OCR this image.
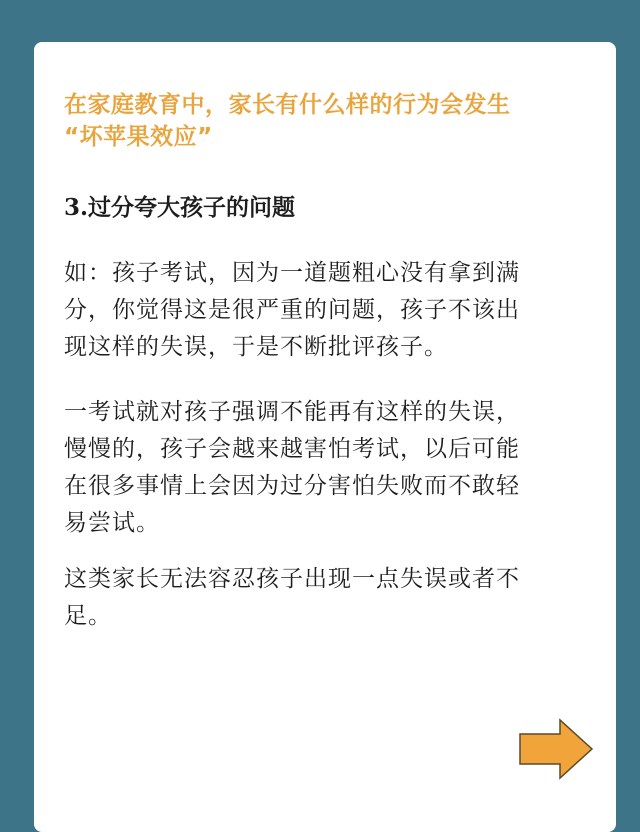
在家庭教育中，家长有什么样的行为会发生
“坏苹果效应”
3.过分夸大孩子的问题

如：孩子考试，因为一道题粗心没有拿到满
分，你觉得这是很严重的问题，孩子不该出
现这样的失误，于是不断批评孩子。

一考试就对孩子强调不能再有这样的失误，
慢慢的，孩子会越来越害怕考试，以后可能
在很多事情上会因为过分害怕失败而不敢轻
易尝试。

这类家长无法容忍孩子出现一点失误或者不
足。
